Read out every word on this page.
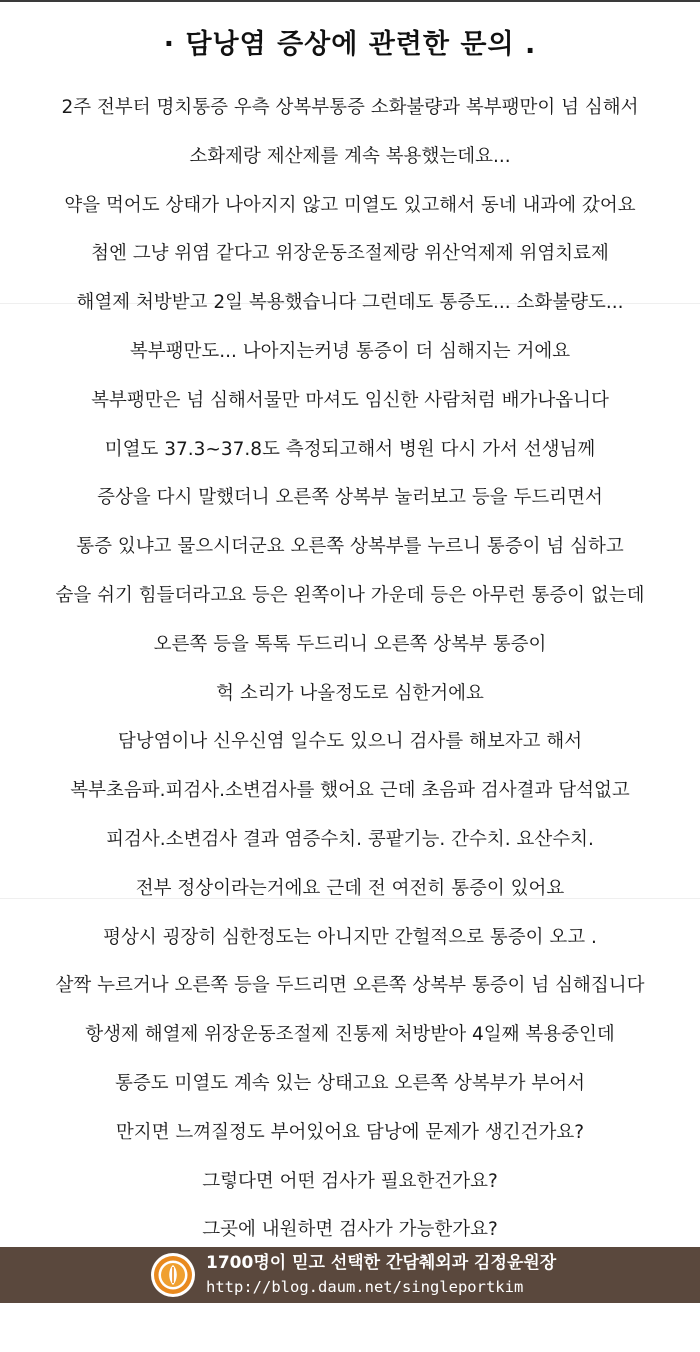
· 담낭염 증상에 관련한 문의 .
2주 전부터 명치통증 우측 상복부통증 소화불량과 복부팽만이 넘 심해서
소화제랑 제산제를 계속 복용했는데요...
약을 먹어도 상태가 나아지지 않고 미열도 있고해서 동네 내과에 갔어요
첨엔 그냥 위염 같다고 위장운동조절제랑 위산억제제 위염치료제
해열제 처방받고 2일 복용했습니다 그런데도 통증도... 소화불량도...
복부팽만도... 나아지는커녕 통증이 더 심해지는 거에요
복부팽만은 넘 심해서물만 마셔도 임신한 사람처럼 배가나옵니다
미열도 37.3~37.8도 측정되고해서 병원 다시 가서 선생님께
증상을 다시 말했더니 오른쪽 상복부 눌러보고 등을 두드리면서
통증 있냐고 물으시더군요 오른쪽 상복부를 누르니 통증이 넘 심하고
숨을 쉬기 힘들더라고요 등은 왼쪽이나 가운데 등은 아무런 통증이 없는데
오른쪽 등을 톡톡 두드리니 오른쪽 상복부 통증이
헉 소리가 나올정도로 심한거에요
담낭염이나 신우신염 일수도 있으니 검사를 해보자고 해서
복부초음파.피검사.소변검사를 했어요 근데 초음파 검사결과 담석없고
피검사.소변검사 결과 염증수치. 콩팥기능. 간수치. 요산수치.
전부 정상이라는거에요 근데 전 여전히 통증이 있어요
평상시 굉장히 심한정도는 아니지만 간헐적으로 통증이 오고 .
살짝 누르거나 오른쪽 등을 두드리면 오른쪽 상복부 통증이 넘 심해집니다
항생제 해열제 위장운동조절제 진통제 처방받아 4일째 복용중인데
통증도 미열도 계속 있는 상태고요 오른쪽 상복부가 부어서
만지면 느껴질정도 부어있어요 담낭에 문제가 생긴건가요?
그렇다면 어떤 검사가 필요한건가요?
그곳에 내원하면 검사가 가능한가요?
1700명이 믿고 선택한 간담췌외과 김정윤원장
http://blog.daum.net/singleportkim
